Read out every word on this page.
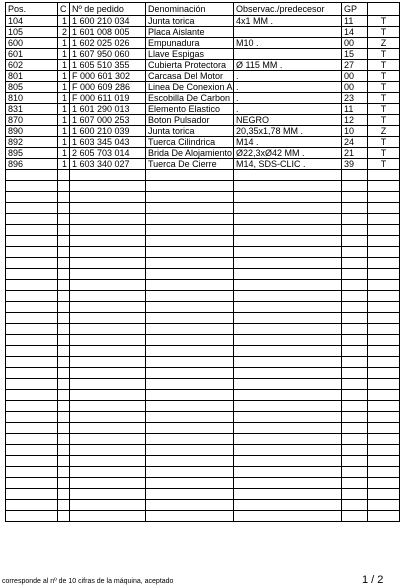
Pos.	C	Nº de pedido	Denominación	Observac./predecesor	GP	
104	1	1 600 210 034	Junta torica	4x1 MM .	11	T
105	2	1 601 008 005	Placa Aislante		14	T
600	1	1 602 025 026	Empunadura	M10 .	00	Z
601	1	1 607 950 060	Llave Espigas		15	T
602	1	1 605 510 355	Cubierta Protectora	Ø 115 MM .	27	T
801	1	F 000 601 302	Carcasa Del Motor	.	00	T
805	1	F 000 609 286	Linea De Conexion A	.	00	T
810	1	F 000 611 019	Escobilla De Carbon	.	23	T
831	1	1 601 290 013	Elemento Elastico	.	11	T
870	1	1 607 000 253	Boton Pulsador	NEGRO	12	T
890	1	1 600 210 039	Junta torica	20,35x1,78 MM .	10	Z
892	1	1 603 345 043	Tuerca Cilindrica	M14 .	24	T
895	1	2 605 703 014	Brida De Alojamiento	Ø22,3xØ42 MM .	21	T
896	1	1 603 340 027	Tuerca De Cierre	M14, SDS-CLIC .	39	T

corresponde al nº de 10 cifras de la máquina, aceptado	1 / 2
